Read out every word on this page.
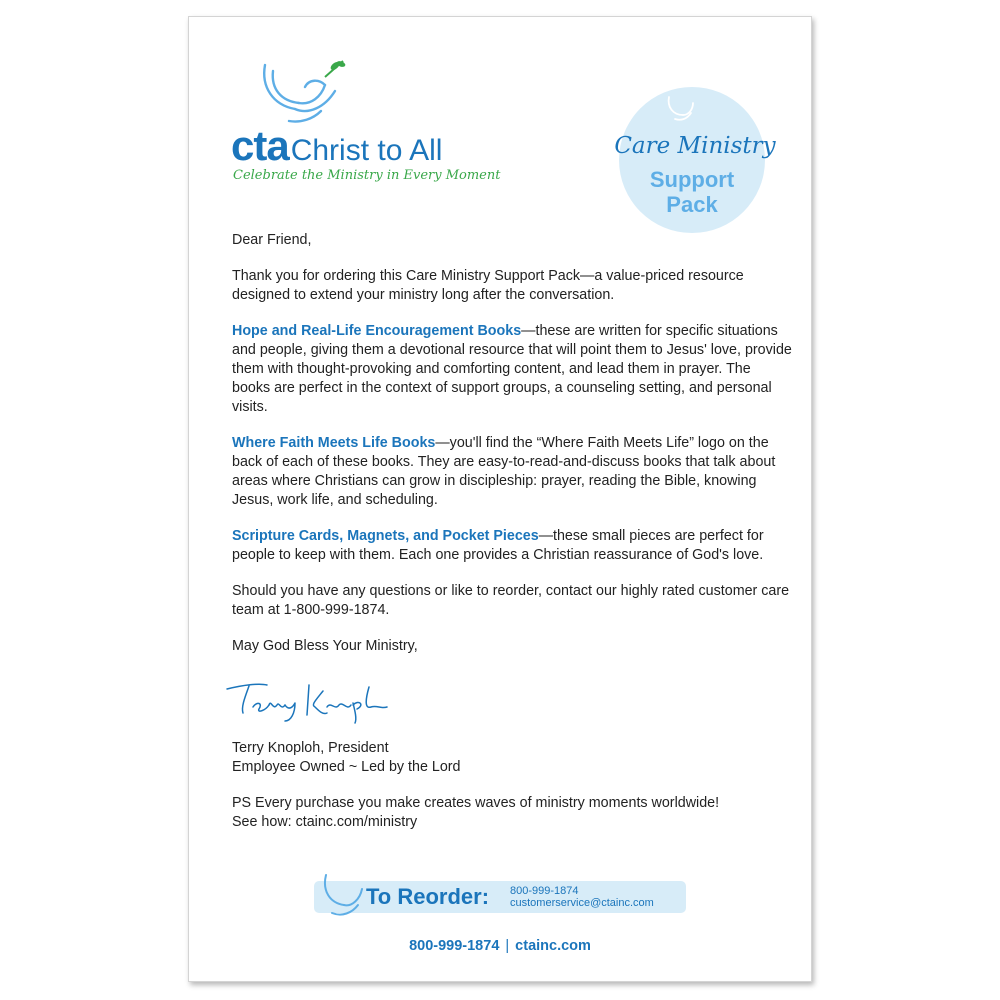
ctaChrist to All
Celebrate the Ministry in Every Moment
Care Ministry
Support
Pack

Dear Friend,

Thank you for ordering this Care Ministry Support Pack—a value-priced resource designed to extend your ministry long after the conversation.

Hope and Real-Life Encouragement Books—these are written for specific situations and people, giving them a devotional resource that will point them to Jesus' love, provide them with thought-provoking and comforting content, and lead them in prayer. The books are perfect in the context of support groups, a counseling setting, and personal visits.

Where Faith Meets Life Books—you'll find the “Where Faith Meets Life” logo on the back of each of these books. They are easy-to-read-and-discuss books that talk about areas where Christians can grow in discipleship: prayer, reading the Bible, knowing Jesus, work life, and scheduling.

Scripture Cards, Magnets, and Pocket Pieces—these small pieces are perfect for people to keep with them. Each one provides a Christian reassurance of God's love.

Should you have any questions or like to reorder, contact our highly rated customer care team at 1-800-999-1874.

May God Bless Your Ministry,

Terry Knoploh, President
Employee Owned ~ Led by the Lord

PS Every purchase you make creates waves of ministry moments worldwide!
See how: ctainc.com/ministry

To Reorder: 800-999-1874
customerservice@ctainc.com
800-999-1874 | ctainc.com
